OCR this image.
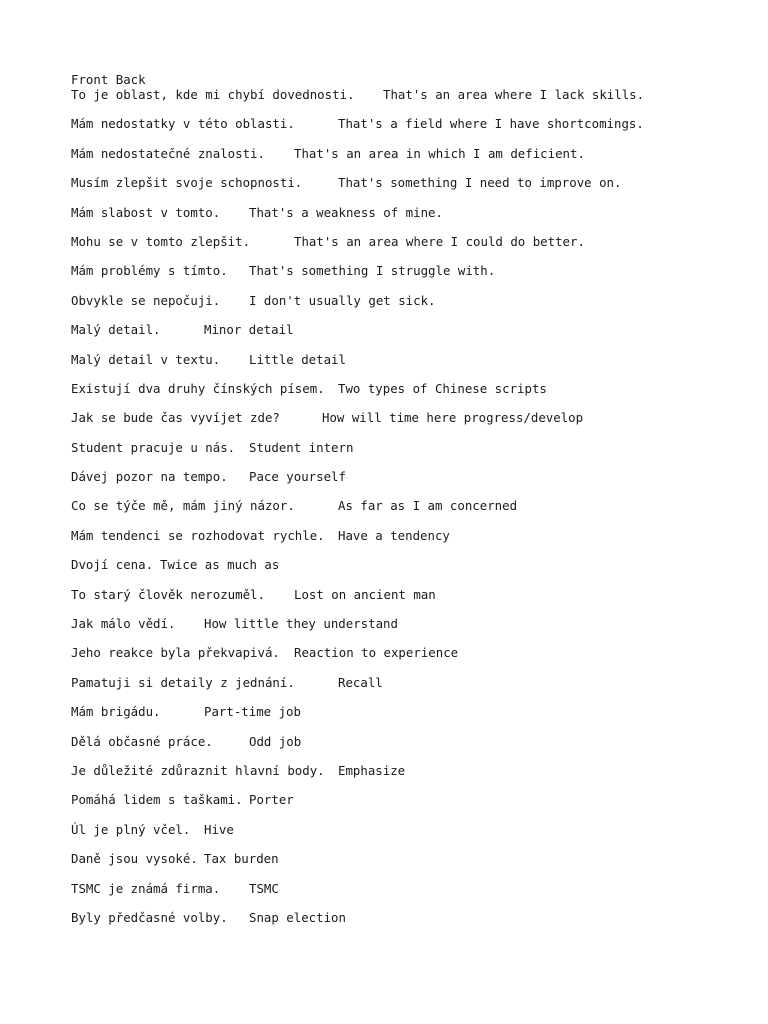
Front Back
To je oblast, kde mi chybí dovednosti. That's an area where I lack skills.
Mám nedostatky v této oblasti.	That's a field where I have shortcomings.
Mám nedostatečné znalosti. That's an area in which I am deficient.
Musím zlepšit svoje schopnosti.	That's something I need to improve on.
Mám slabost v tomto. That's a weakness of mine.
Mohu se v tomto zlepšit.	That's an area where I could do better.
Mám problémy s tímto. That's something I struggle with.
Obvykle se nepočuji. I don't usually get sick.
Malý detail.	Minor detail
Malý detail v textu. Little detail
Existují dva druhy čínských písem. Two types of Chinese scripts
Jak se bude čas vyvíjet zde?	How will time here progress/develop
Student pracuje u nás. Student intern
Dávej pozor na tempo. Pace yourself
Co se týče mě, mám jiný názor.	As far as I am concerned
Mám tendenci se rozhodovat rychle. Have a tendency
Dvojí cena. Twice as much as
To starý člověk nerozuměl. Lost on ancient man
Jak málo vědí. How little they understand
Jeho reakce byla překvapivá. Reaction to experience
Pamatuji si detaily z jednání.	Recall
Mám brigádu.	Part-time job
Dělá občasné práce.	Odd job
Je důležité zdůraznit hlavní body. Emphasize
Pomáhá lidem s taškami. Porter
Úl je plný včel. Hive
Daně jsou vysoké. Tax burden
TSMC je známá firma. TSMC
Byly předčasné volby. Snap election
